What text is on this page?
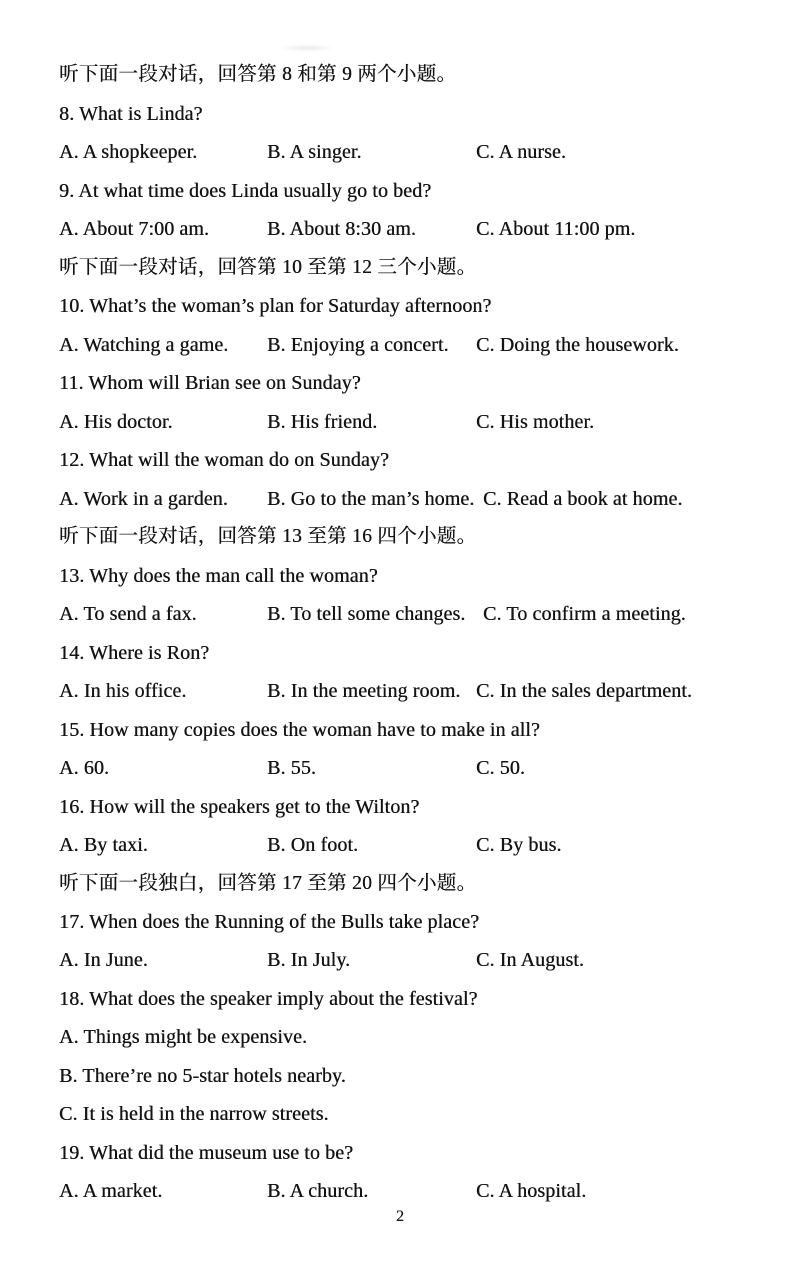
听下面一段对话，回答第 8 和第 9 两个小题。
8. What is Linda?
A. A shopkeeper.	B. A singer.	C. A nurse.
9. At what time does Linda usually go to bed?
A. About 7:00 am.	B. About 8:30 am.	C. About 11:00 pm.
听下面一段对话，回答第 10 至第 12 三个小题。
10. What’s the woman’s plan for Saturday afternoon?
A. Watching a game. B. Enjoying a concert. C. Doing the housework.
11. Whom will Brian see on Sunday?
A. His doctor.	B. His friend.	C. His mother.
12. What will the woman do on Sunday?
A. Work in a garden. B. Go to the man’s home. C. Read a book at home.
听下面一段对话，回答第 13 至第 16 四个小题。
13. Why does the man call the woman?
A. To send a fax.	B. To tell some changes. C. To confirm a meeting.
14. Where is Ron?
A. In his office.	B. In the meeting room. C. In the sales department.
15. How many copies does the woman have to make in all?
A. 60.	B. 55.	C. 50.
16. How will the speakers get to the Wilton?
A. By taxi.	B. On foot.	C. By bus.
听下面一段独白，回答第 17 至第 20 四个小题。
17. When does the Running of the Bulls take place?
A. In June.	B. In July.	C. In August.
18. What does the speaker imply about the festival?
A. Things might be expensive.
B. There’re no 5-star hotels nearby.
C. It is held in the narrow streets.
19. What did the museum use to be?
A. A market.	B. A church.	C. A hospital.
2
